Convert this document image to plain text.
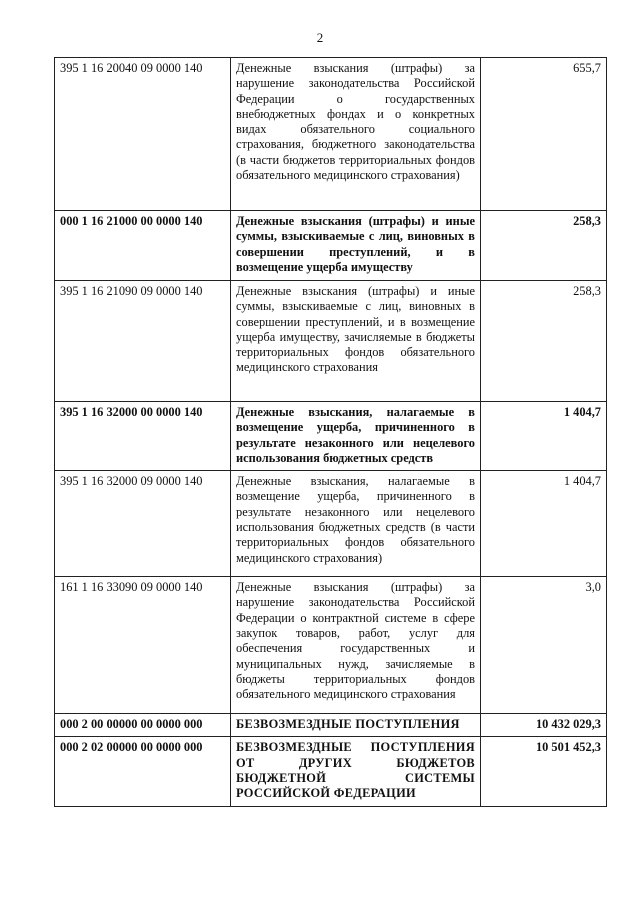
2
395 1 16 20040 09 0000 140	Денежные взыскания (штрафы) за нарушение законодательства Российской Федерации о государственных внебюджетных фондах и о конкретных видах обязательного социального страхования, бюджетного законодательства (в части бюджетов территориальных фондов обязательного медицинского страхования)	655,7
000 1 16 21000 00 0000 140	Денежные взыскания (штрафы) и иные суммы, взыскиваемые с лиц, виновных в совершении преступлений, и в возмещение ущерба имуществу	258,3
395 1 16 21090 09 0000 140	Денежные взыскания (штрафы) и иные суммы, взыскиваемые с лиц, виновных в совершении преступлений, и в возмещение ущерба имуществу, зачисляемые в бюджеты территориальных фондов обязательного медицинского страхования	258,3
395 1 16 32000 00 0000 140	Денежные взыскания, налагаемые в возмещение ущерба, причиненного в результате незаконного или нецелевого использования бюджетных средств	1 404,7
395 1 16 32000 09 0000 140	Денежные взыскания, налагаемые в возмещение ущерба, причиненного в результате незаконного или нецелевого использования бюджетных средств (в части территориальных фондов обязательного медицинского страхования)	1 404,7
161 1 16 33090 09 0000 140	Денежные взыскания (штрафы) за нарушение законодательства Российской Федерации о контрактной системе в сфере закупок товаров, работ, услуг для обеспечения государственных и муниципальных нужд, зачисляемые в бюджеты территориальных фондов обязательного медицинского страхования	3,0
000 2 00 00000 00 0000 000	БЕЗВОЗМЕЗДНЫЕ ПОСТУПЛЕНИЯ	10 432 029,3
000 2 02 00000 00 0000 000	БЕЗВОЗМЕЗДНЫЕ ПОСТУПЛЕНИЯ ОТ ДРУГИХ БЮДЖЕТОВ БЮДЖЕТНОЙ СИСТЕМЫ РОССИЙСКОЙ ФЕДЕРАЦИИ	10 501 452,3
